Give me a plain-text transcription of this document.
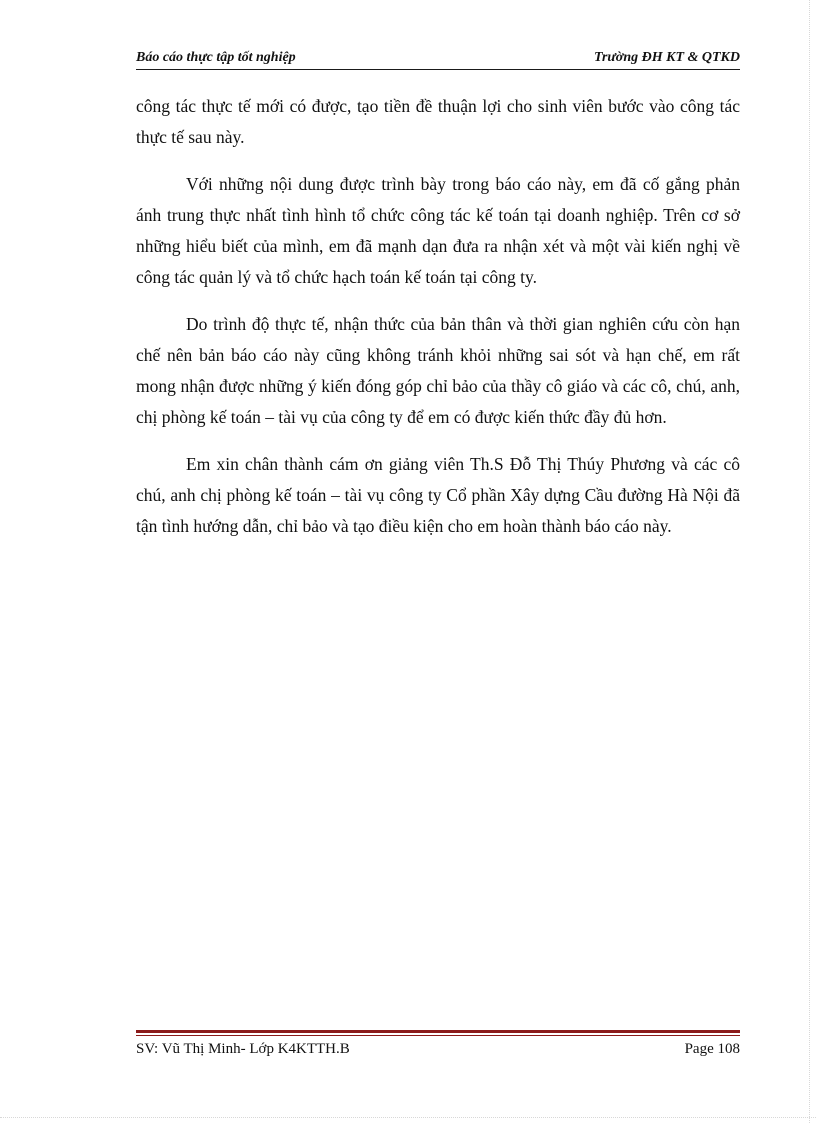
Báo cáo thực tập tốt nghiệp	Trường ĐH KT & QTKD

công tác thực tế mới có được, tạo tiền đề thuận lợi cho sinh viên bước vào công tác thực tế sau này.

Với những nội dung được trình bày trong báo cáo này, em đã cố gắng phản ánh trung thực nhất tình hình tổ chức công tác kế toán tại doanh nghiệp. Trên cơ sở những hiểu biết của mình, em đã mạnh dạn đưa ra nhận xét và một vài kiến nghị về công tác quản lý và tổ chức hạch toán kế toán tại công ty.

Do trình độ thực tế, nhận thức của bản thân và thời gian nghiên cứu còn hạn chế nên bản báo cáo này cũng không tránh khỏi những sai sót và hạn chế, em rất mong nhận được những ý kiến đóng góp chỉ bảo của thầy cô giáo và các cô, chú, anh, chị phòng kế toán – tài vụ của công ty để em có được kiến thức đầy đủ hơn.

Em xin chân thành cám ơn giảng viên Th.S Đỗ Thị Thúy Phương và các cô chú, anh chị phòng kế toán – tài vụ công ty Cổ phần Xây dựng Cầu đường Hà Nội đã tận tình hướng dẫn, chỉ bảo và tạo điều kiện cho em hoàn thành báo cáo này.

SV: Vũ Thị Minh- Lớp K4KTTH.B	Page 108
